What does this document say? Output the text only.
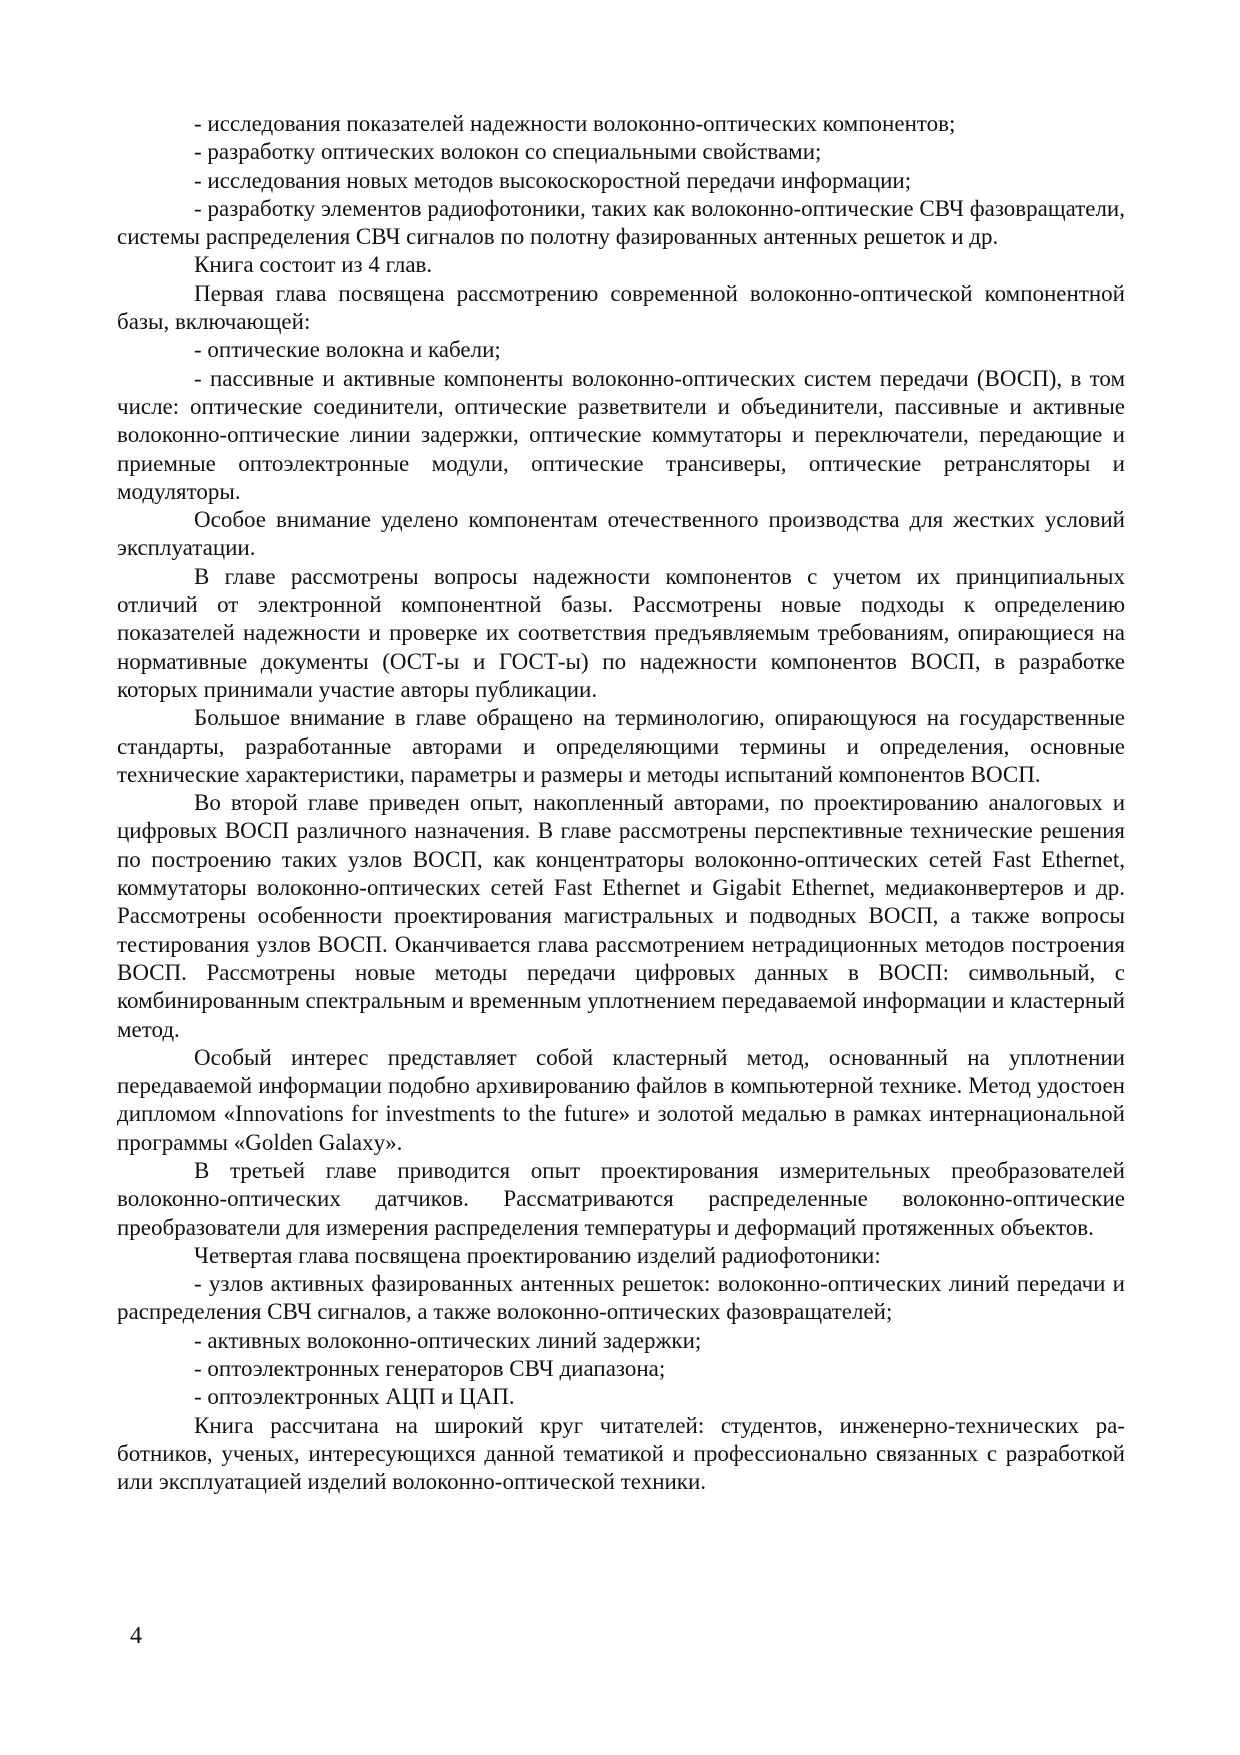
- исследования показателей надежности волоконно-оптических компонентов;

- разработку оптических волокон со специальными свойствами;

- исследования новых методов высокоскоростной передачи информации;

- разработку элементов радиофотоники, таких как волоконно-оптические СВЧ фазовращатели, системы распределения СВЧ сигналов по полотну фазированных антенных решеток и др.

Книга состоит из 4 глав.

Первая глава посвящена рассмотрению современной волоконно-оптической компонентной базы, включающей:

- оптические волокна и кабели;

- пассивные и активные компоненты волоконно-оптических систем передачи (ВОСП), в том числе: оптические соединители, оптические разветвители и объединители, пассивные и активные волоконно-оптические линии задержки, оптические коммутаторы и переключатели, передающие и приемные оптоэлектронные модули, оптические трансиверы, оптические ретрансляторы и модуляторы.

Особое внимание уделено компонентам отечественного производства для жестких условий эксплуатации.

В главе рассмотрены вопросы надежности компонентов с учетом их принципиальных отличий от электронной компонентной базы. Рассмотрены новые подходы к определению показателей надежности и проверке их соответствия предъявляемым требованиям, опирающиеся на нормативные документы (ОСТ-ы и ГОСТ-ы) по надежности компонентов ВОСП, в разработке которых принимали участие авторы публикации.

Большое внимание в главе обращено на терминологию, опирающуюся на государственные стандарты, разработанные авторами и определяющими термины и определения, основные технические характеристики, параметры и размеры и методы испытаний компонентов ВОСП.

Во второй главе приведен опыт, накопленный авторами, по проектированию аналоговых и цифровых ВОСП различного назначения. В главе рассмотрены перспективные технические решения по построению таких узлов ВОСП, как концентраторы волоконно-оптических сетей Fast Ethernet, коммутаторы волоконно-оптических сетей Fast Ethernet и Gigabit Ethernet, медиаконвертеров и др. Рассмотрены особенности проектирования магистральных и подводных ВОСП, а также вопросы тестирования узлов ВОСП. Оканчивается глава рассмотрением нетрадиционных методов построения ВОСП. Рассмотрены новые методы передачи цифровых данных в ВОСП: символьный, с комбинированным спектральным и временным уплотнением передаваемой информации и кластерный метод.

Особый интерес представляет собой кластерный метод, основанный на уплотнении передаваемой информации подобно архивированию файлов в компьютерной технике. Метод удостоен дипломом «Innovations for investments to the future» и золотой медалью в рамках интернациональной программы «Golden Galaxy».

В третьей главе приводится опыт проектирования измерительных преобразователей волоконно-оптических датчиков. Рассматриваются распределенные волоконно-оптические преобразователи для измерения распределения температуры и деформаций протяженных объектов.

Четвертая глава посвящена проектированию изделий радиофотоники:

- узлов активных фазированных антенных решеток: волоконно-оптических линий передачи и распределения СВЧ сигналов, а также волоконно-оптических фазовращателей;

- активных волоконно-оптических линий задержки;

- оптоэлектронных генераторов СВЧ диапазона;

- оптоэлектронных АЦП и ЦАП.

Книга рассчитана на широкий круг читателей: студентов, инженерно-технических работников, ученых, интересующихся данной тематикой и профессионально связанных с разработкой или эксплуатацией изделий волоконно-оптической техники.

4
